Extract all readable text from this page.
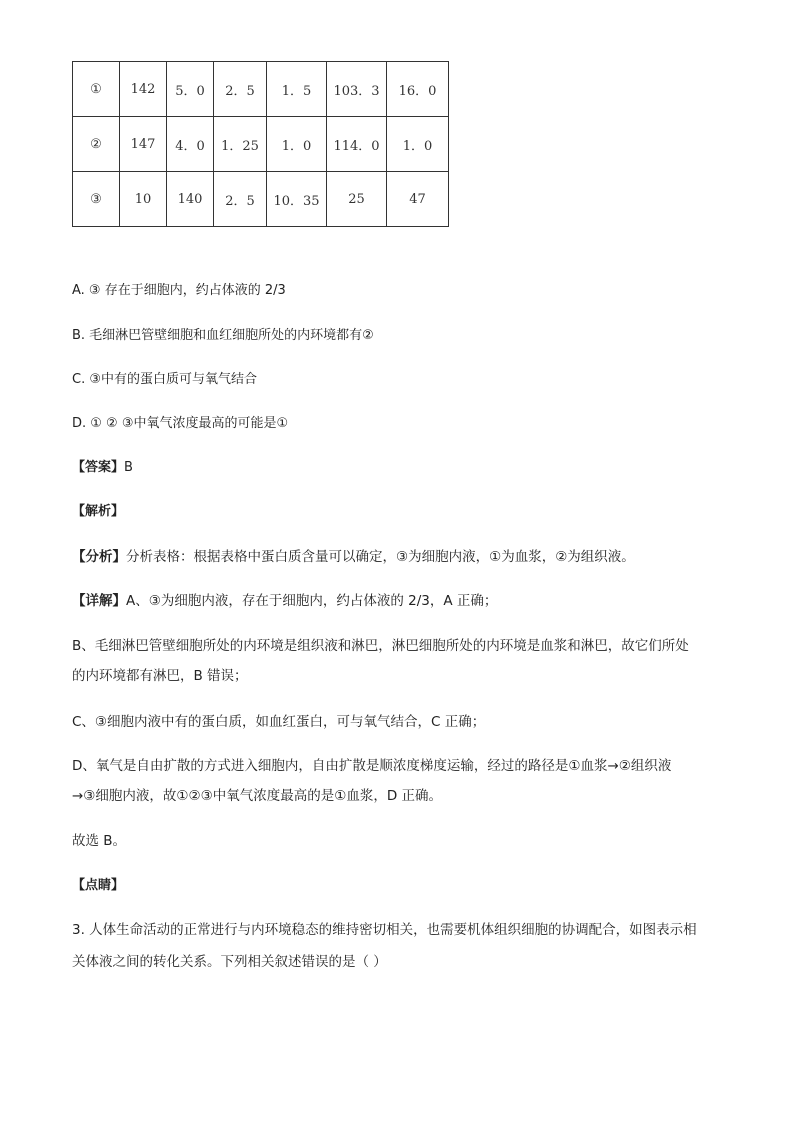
①	142	5．0	2．5	1．5	103．3	16．0
②	147	4．0	1．25	1．0	114．0	1．0
③	10	140	2．5	10．35	25	47
A. ③ 存在于细胞内，约占体液的 2/3
B. 毛细淋巴管壁细胞和血红细胞所处的内环境都有②
C. ③中有的蛋白质可与氧气结合
D. ① ② ③中氧气浓度最高的可能是①
【答案】B
【解析】
【分析】分析表格：根据表格中蛋白质含量可以确定，③为细胞内液，①为血浆，②为组织液。
【详解】A、③为细胞内液，存在于细胞内，约占体液的 2/3，A 正确；
B、毛细淋巴管壁细胞所处的内环境是组织液和淋巴，淋巴细胞所处的内环境是血浆和淋巴，故它们所处
的内环境都有淋巴，B 错误；
C、③细胞内液中有的蛋白质，如血红蛋白，可与氧气结合，C 正确；
D、氧气是自由扩散的方式进入细胞内，自由扩散是顺浓度梯度运输，经过的路径是①血浆→②组织液
→③细胞内液，故①②③中氧气浓度最高的是①血浆，D 正确。
故选 B。
【点睛】
3. 人体生命活动的正常进行与内环境稳态的维持密切相关，也需要机体组织细胞的协调配合，如图表示相
关体液之间的转化关系。下列相关叙述错误的是（ ）
